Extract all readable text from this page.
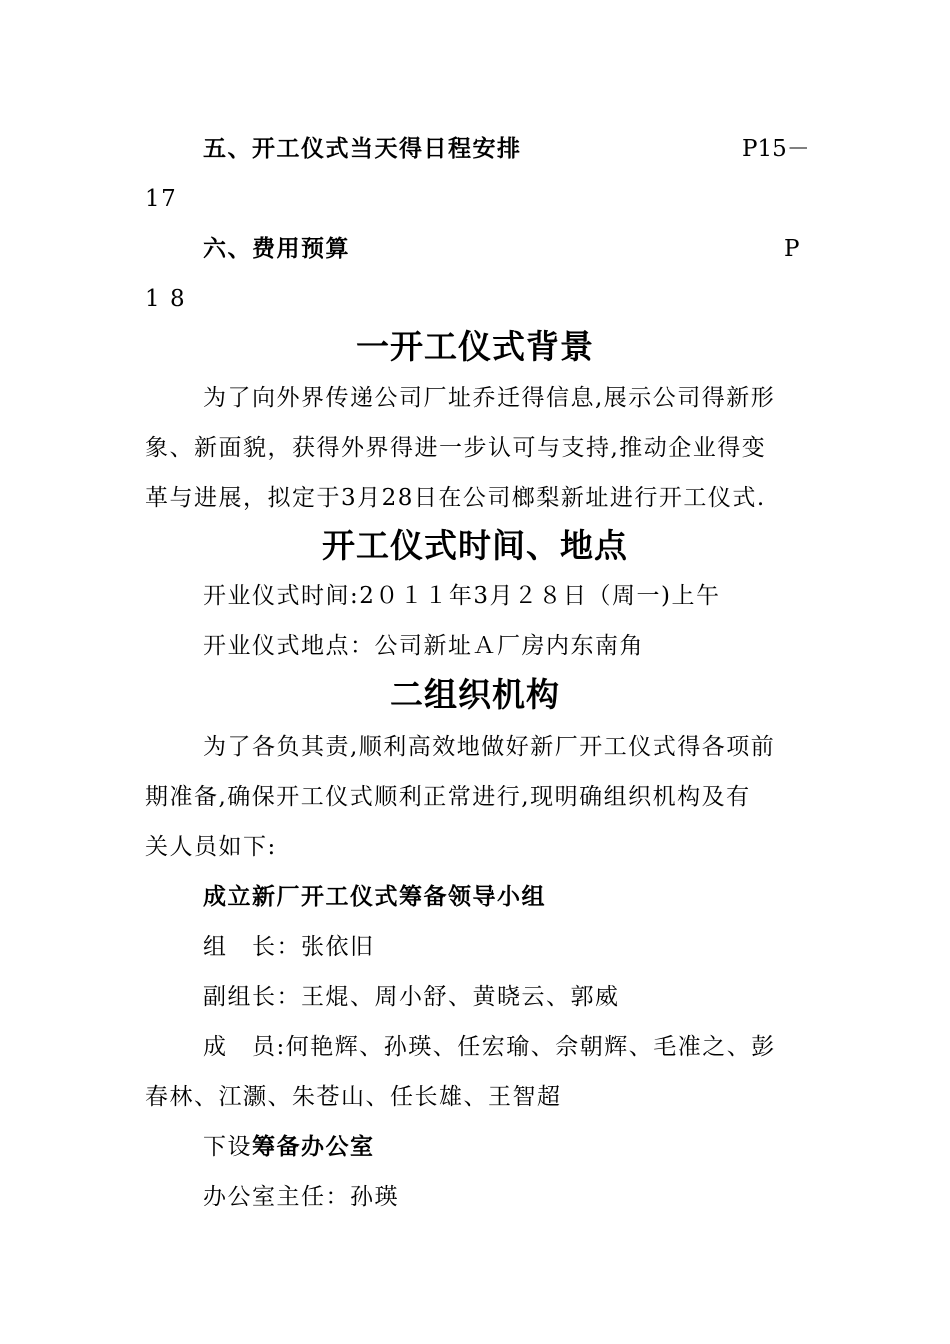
五、开工仪式当天得日程安排	P15－
17
六、费用预算	P
1 8
一开工仪式背景
为了向外界传递公司厂址乔迁得信息,展示公司得新形
象、新面貌，获得外界得进一步认可与支持,推动企业得变
革与进展，拟定于3月28日在公司榔梨新址进行开工仪式.
开工仪式时间、地点
开业仪式时间:2０１１年3月２８日（周一)上午
开业仪式地点：公司新址Ａ厂房内东南角
二组织机构
为了各负其责,顺利高效地做好新厂开工仪式得各项前
期准备,确保开工仪式顺利正常进行,现明确组织机构及有
关人员如下:
成立新厂开工仪式筹备领导小组
组　长：张依旧
副组长：王焜、周小舒、黄晓云、郭威
成　员:何艳辉、孙瑛、任宏瑜、佘朝辉、毛准之、彭
春林、江灏、朱苍山、任长雄、王智超
下设筹备办公室
办公室主任：孙瑛
